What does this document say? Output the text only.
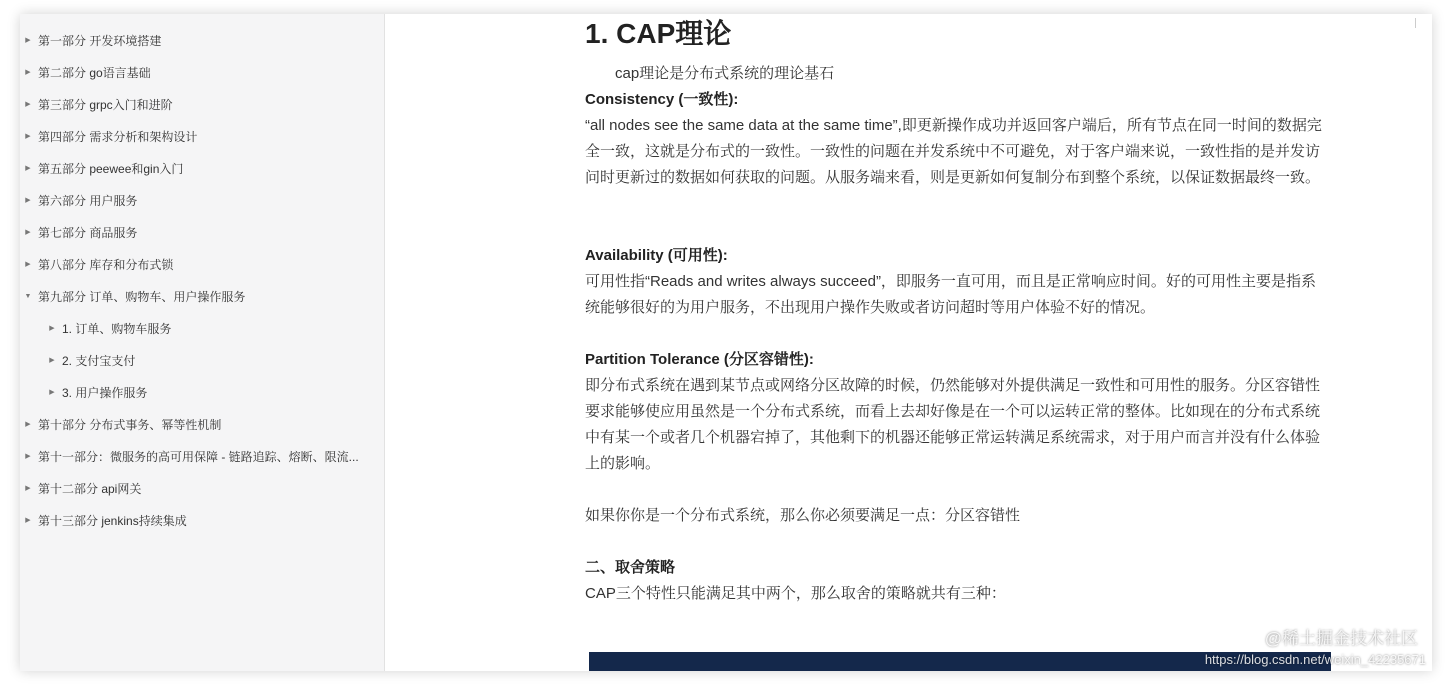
▶ 第一部分 开发环境搭建
▶ 第二部分 go语言基础
▶ 第三部分 grpc入门和进阶
▶ 第四部分 需求分析和架构设计
▶ 第五部分 peewee和gin入门
▶ 第六部分 用户服务
▶ 第七部分 商品服务
▶ 第八部分 库存和分布式锁
▼ 第九部分 订单、购物车、用户操作服务
▶ 1. 订单、购物车服务
▶ 2. 支付宝支付
▶ 3. 用户操作服务
▶ 第十部分 分布式事务、幂等性机制
▶ 第十一部分：微服务的高可用保障 - 链路追踪、熔断、限流...
▶ 第十二部分 api网关
▶ 第十三部分 jenkins持续集成
1. CAP理论
cap理论是分布式系统的理论基石
Consistency (一致性):
“all nodes see the same data at the same time”,即更新操作成功并返回客户端后，所有节点在同一时间的数据完全一致，这就是分布式的一致性。一致性的问题在并发系统中不可避免，对于客户端来说，一致性指的是并发访问时更新过的数据如何获取的问题。从服务端来看，则是更新如何复制分布到整个系统，以保证数据最终一致。
Availability (可用性):
可用性指“Reads and writes always succeed”，即服务一直可用，而且是正常响应时间。好的可用性主要是指系统能够很好的为用户服务，不出现用户操作失败或者访问超时等用户体验不好的情况。
Partition Tolerance (分区容错性):
即分布式系统在遇到某节点或网络分区故障的时候，仍然能够对外提供满足一致性和可用性的服务。分区容错性要求能够使应用虽然是一个分布式系统，而看上去却好像是在一个可以运转正常的整体。比如现在的分布式系统中有某一个或者几个机器宕掉了，其他剩下的机器还能够正常运转满足系统需求，对于用户而言并没有什么体验上的影响。
如果你你是一个分布式系统，那么你必须要满足一点：分区容错性
二、取舍策略
CAP三个特性只能满足其中两个，那么取舍的策略就共有三种：
@稀土掘金技术社区
https://blog.csdn.net/weixin_42235671
